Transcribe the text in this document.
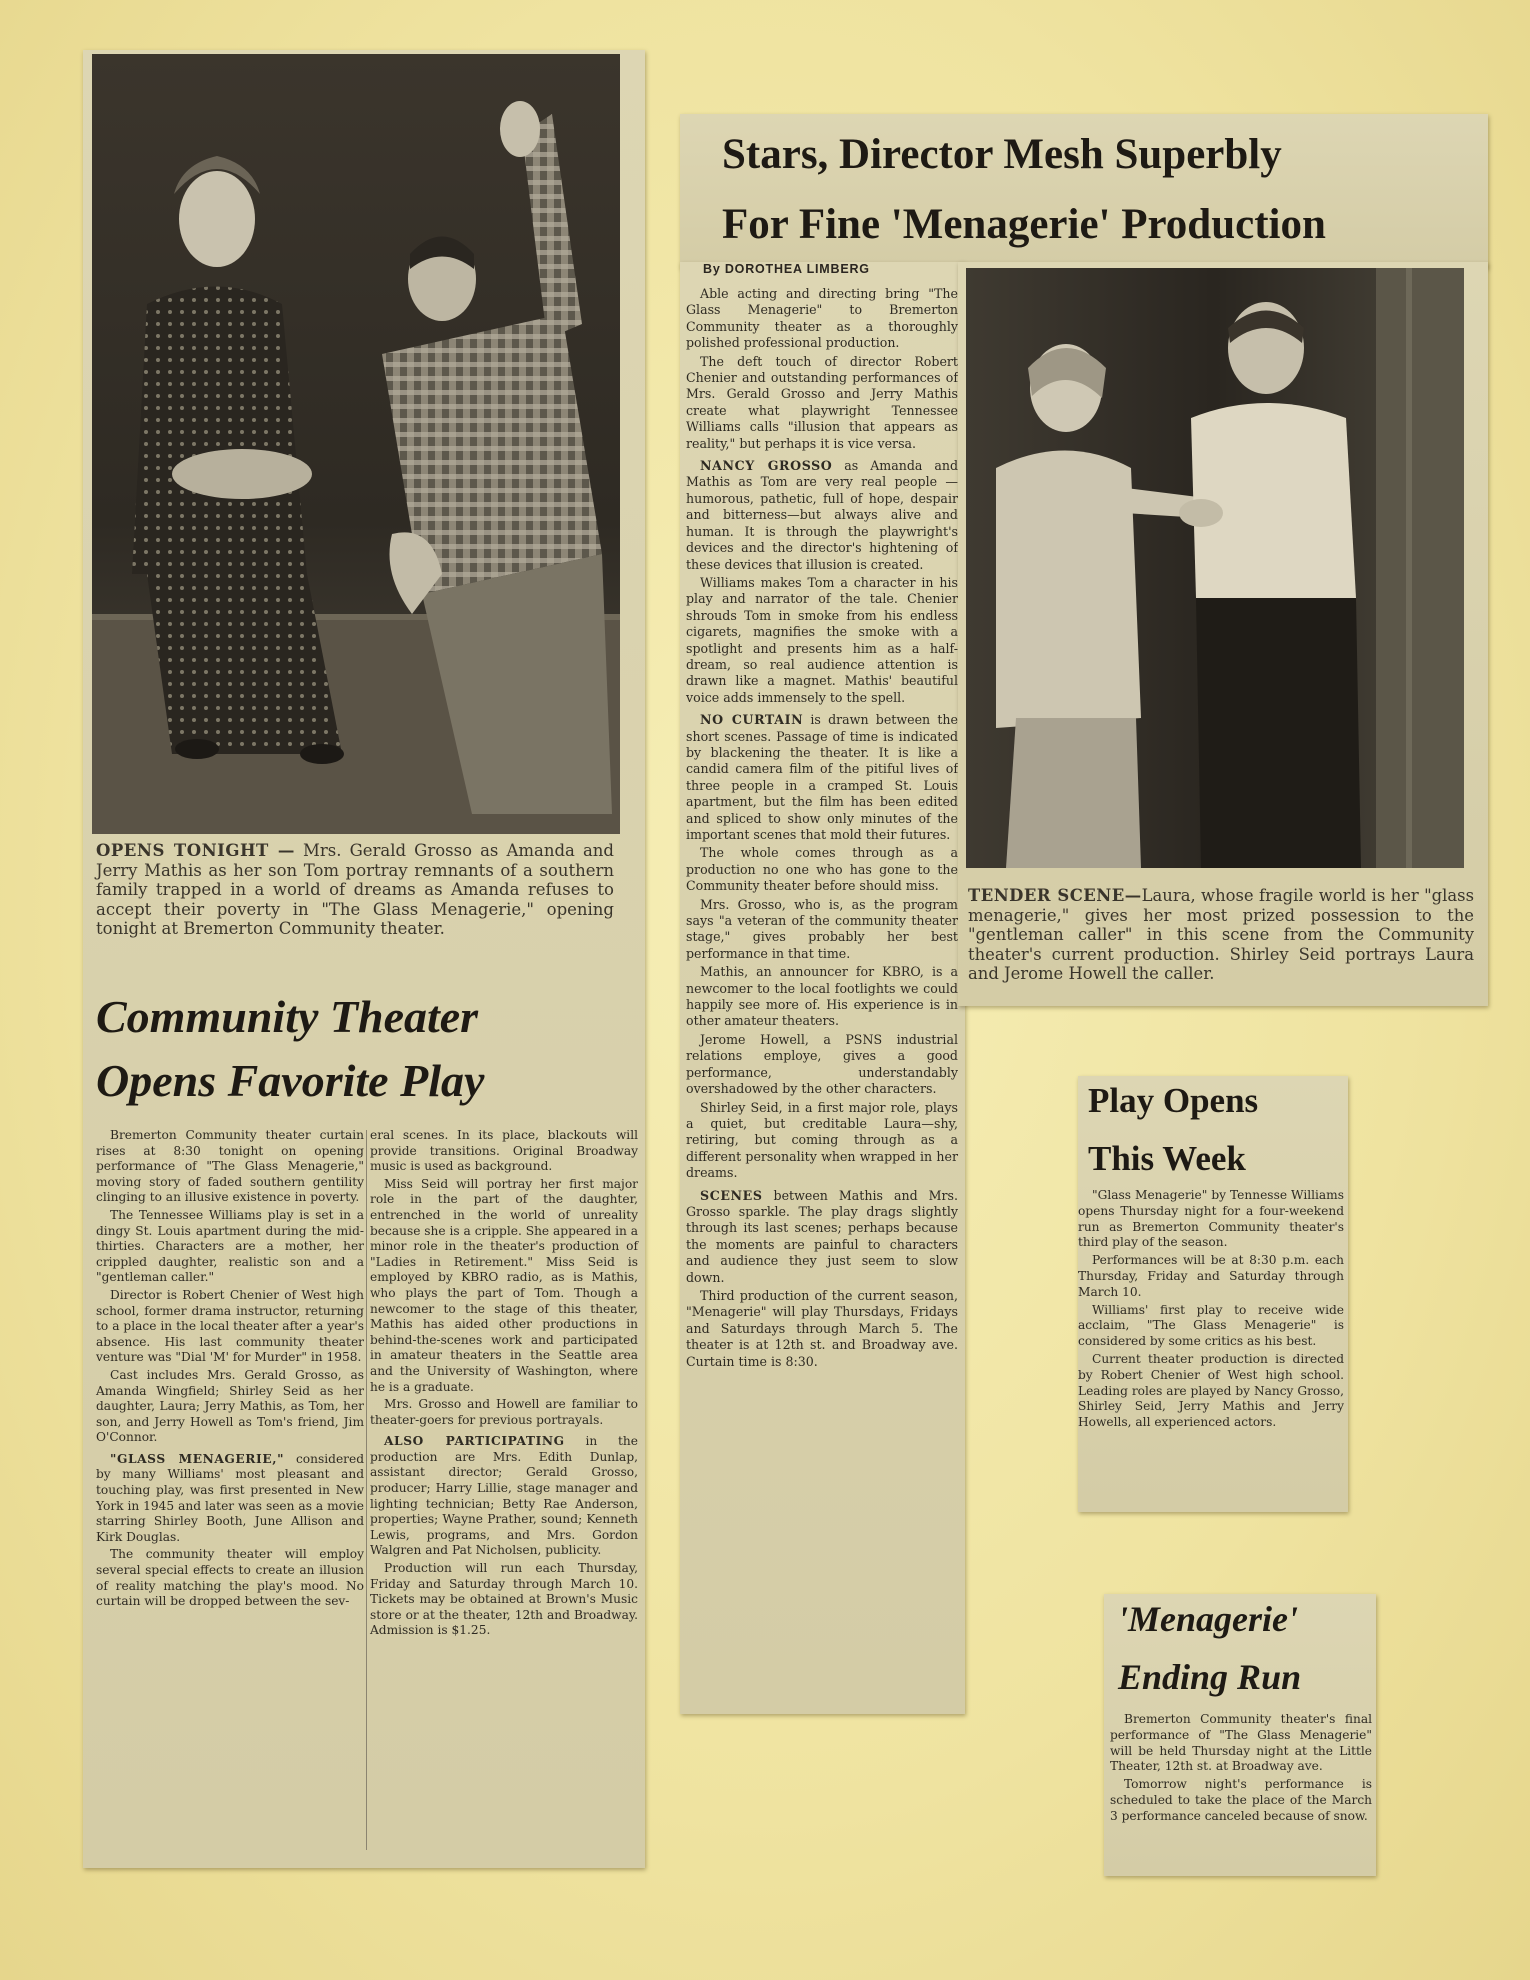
OPENS TONIGHT — Mrs. Gerald Grosso as Amanda and Jerry Mathis as her son Tom portray remnants of a southern family trapped in a world of dreams as Amanda refuses to accept their poverty in "The Glass Menagerie," opening tonight at Bremerton Community theater.
Community Theater
Opens Favorite Play

Bremerton Community theater curtain rises at 8:30 tonight on opening performance of "The Glass Menagerie," moving story of faded southern gentility clinging to an illusive existence in poverty.

The Tennessee Williams play is set in a dingy St. Louis apartment during the mid-thirties. Characters are a mother, her crippled daughter, realistic son and a "gentleman caller."

Director is Robert Chenier of West high school, former drama instructor, returning to a place in the local theater after a year's absence. His last community theater venture was "Dial 'M' for Murder" in 1958.

Cast includes Mrs. Gerald Grosso, as Amanda Wingfield; Shirley Seid as her daughter, Laura; Jerry Mathis, as Tom, her son, and Jerry Howell as Tom's friend, Jim O'Connor.

"GLASS MENAGERIE," considered by many Williams' most pleasant and touching play, was first presented in New York in 1945 and later was seen as a movie starring Shirley Booth, June Allison and Kirk Douglas.

The community theater will employ several special effects to create an illusion of reality matching the play's mood. No curtain will be dropped between the sev-

eral scenes. In its place, blackouts will provide transitions. Original Broadway music is used as background.

Miss Seid will portray her first major role in the part of the daughter, entrenched in the world of unreality because she is a cripple. She appeared in a minor role in the theater's production of "Ladies in Retirement." Miss Seid is employed by KBRO radio, as is Mathis, who plays the part of Tom. Though a newcomer to the stage of this theater, Mathis has aided other productions in behind-the-scenes work and participated in amateur theaters in the Seattle area and the University of Washington, where he is a graduate.

Mrs. Grosso and Howell are familiar to theater-goers for previous portrayals.

ALSO PARTICIPATING in the production are Mrs. Edith Dunlap, assistant director; Gerald Grosso, producer; Harry Lillie, stage manager and lighting technician; Betty Rae Anderson, properties; Wayne Prather, sound; Kenneth Lewis, programs, and Mrs. Gordon Walgren and Pat Nicholsen, publicity.

Production will run each Thursday, Friday and Saturday through March 10. Tickets may be obtained at Brown's Music store or at the theater, 12th and Broadway. Admission is $1.25.

Stars, Director Mesh Superbly
For Fine 'Menagerie' Production
By DOROTHEA LIMBERG

Able acting and directing bring "The Glass Menagerie" to Bremerton Community theater as a thoroughly polished professional production.

The deft touch of director Robert Chenier and outstanding performances of Mrs. Gerald Grosso and Jerry Mathis create what playwright Tennessee Williams calls "illusion that appears as reality," but perhaps it is vice versa.

NANCY GROSSO as Amanda and Mathis as Tom are very real people — humorous, pathetic, full of hope, despair and bitterness—but always alive and human. It is through the playwright's devices and the director's hightening of these devices that illusion is created.

Williams makes Tom a character in his play and narrator of the tale. Chenier shrouds Tom in smoke from his endless cigarets, magnifies the smoke with a spotlight and presents him as a half-dream, so real audience attention is drawn like a magnet. Mathis' beautiful voice adds immensely to the spell.

NO CURTAIN is drawn between the short scenes. Passage of time is indicated by blackening the theater. It is like a candid camera film of the pitiful lives of three people in a cramped St. Louis apartment, but the film has been edited and spliced to show only minutes of the important scenes that mold their futures.

The whole comes through as a production no one who has gone to the Community theater before should miss.

Mrs. Grosso, who is, as the program says "a veteran of the community theater stage," gives probably her best performance in that time.

Mathis, an announcer for KBRO, is a newcomer to the local footlights we could happily see more of. His experience is in other amateur theaters.

Jerome Howell, a PSNS industrial relations employe, gives a good performance, understandably overshadowed by the other characters.

Shirley Seid, in a first major role, plays a quiet, but creditable Laura—shy, retiring, but coming through as a different personality when wrapped in her dreams.

SCENES between Mathis and Mrs. Grosso sparkle. The play drags slightly through its last scenes; perhaps because the moments are painful to characters and audience they just seem to slow down.

Third production of the current season, "Menagerie" will play Thursdays, Fridays and Saturdays through March 5. The theater is at 12th st. and Broadway ave. Curtain time is 8:30.

TENDER SCENE—Laura, whose fragile world is her "glass menagerie," gives her most prized possession to the "gentleman caller" in this scene from the Community theater's current production. Shirley Seid portrays Laura and Jerome Howell the caller.
Play Opens
This Week

"Glass Menagerie" by Tennesse Williams opens Thursday night for a four-weekend run as Bremerton Community theater's third play of the season.

Performances will be at 8:30 p.m. each Thursday, Friday and Saturday through March 10.

Williams' first play to receive wide acclaim, "The Glass Menagerie" is considered by some critics as his best.

Current theater production is directed by Robert Chenier of West high school. Leading roles are played by Nancy Grosso, Shirley Seid, Jerry Mathis and Jerry Howells, all experienced actors.

'Menagerie'
Ending Run

Bremerton Community theater's final performance of "The Glass Menagerie" will be held Thursday night at the Little Theater, 12th st. at Broadway ave.

Tomorrow night's performance is scheduled to take the place of the March 3 performance canceled because of snow.
